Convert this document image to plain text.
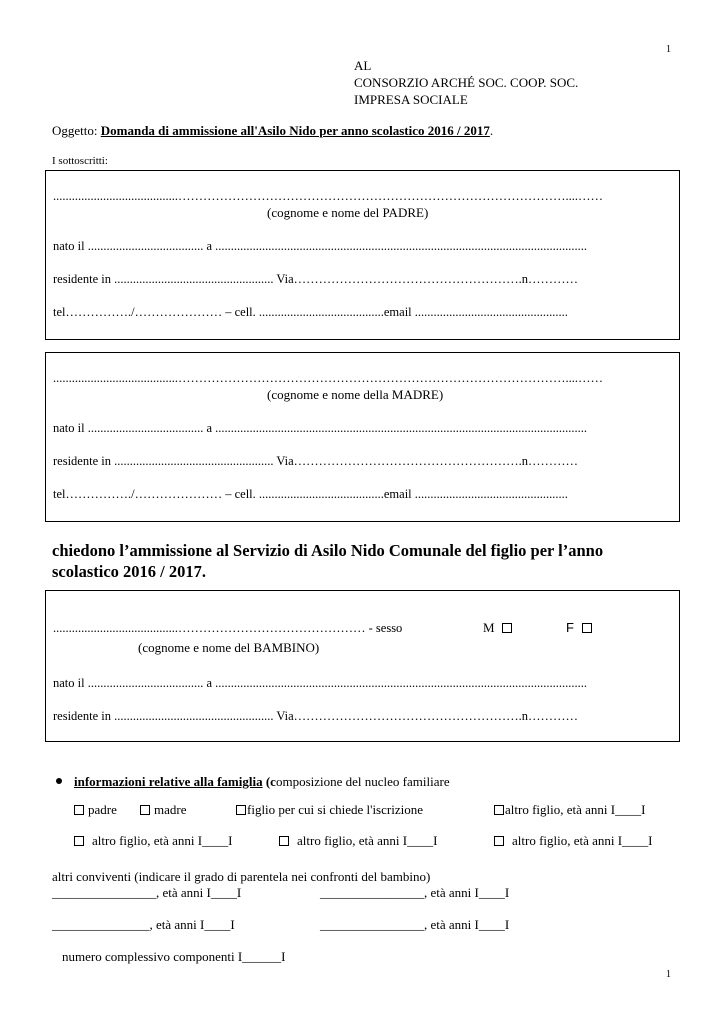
1
AL
CONSORZIO ARCHÉ SOC. COOP. SOC.
IMPRESA SOCIALE
Oggetto: Domanda di ammissione all'Asilo Nido per anno scolastico 2016 / 2017.
I sottoscritti:
........................................…………………………………………………………………………………....……
(cognome e nome del PADRE)
nato il ..................................... a .......................................................................................................................
residente in ................................................... Via……………………………………………….n…………
tel……………./………………… – cell. ........................................email .................................................
........................................…………………………………………………………………………………....……
(cognome e nome della MADRE)
nato il ..................................... a .......................................................................................................................
residente in ................................................... Via……………………………………………….n…………
tel……………./………………… – cell. ........................................email .................................................
chiedono l’ammissione al Servizio di Asilo Nido Comunale del figlio per l’anno scolastico 2016 / 2017.
........................................……………………………………… - sesso	M	F
(cognome e nome del BAMBINO)
nato il ..................................... a .......................................................................................................................
residente in ................................................... Via……………………………………………….n…………
informazioni relative alla famiglia (composizione del nucleo familiare
padre	madre	figlio per cui si chiede l'iscrizione	altro figlio, età anni I____I
altro figlio, età anni I____I	altro figlio, età anni I____I	altro figlio, età anni I____I
altri conviventi (indicare il grado di parentela nei confronti del bambino)
________________, età anni I____I	________________, età anni I____I
_______________, età anni I____I	________________, età anni I____I
numero complessivo componenti I______I
1
